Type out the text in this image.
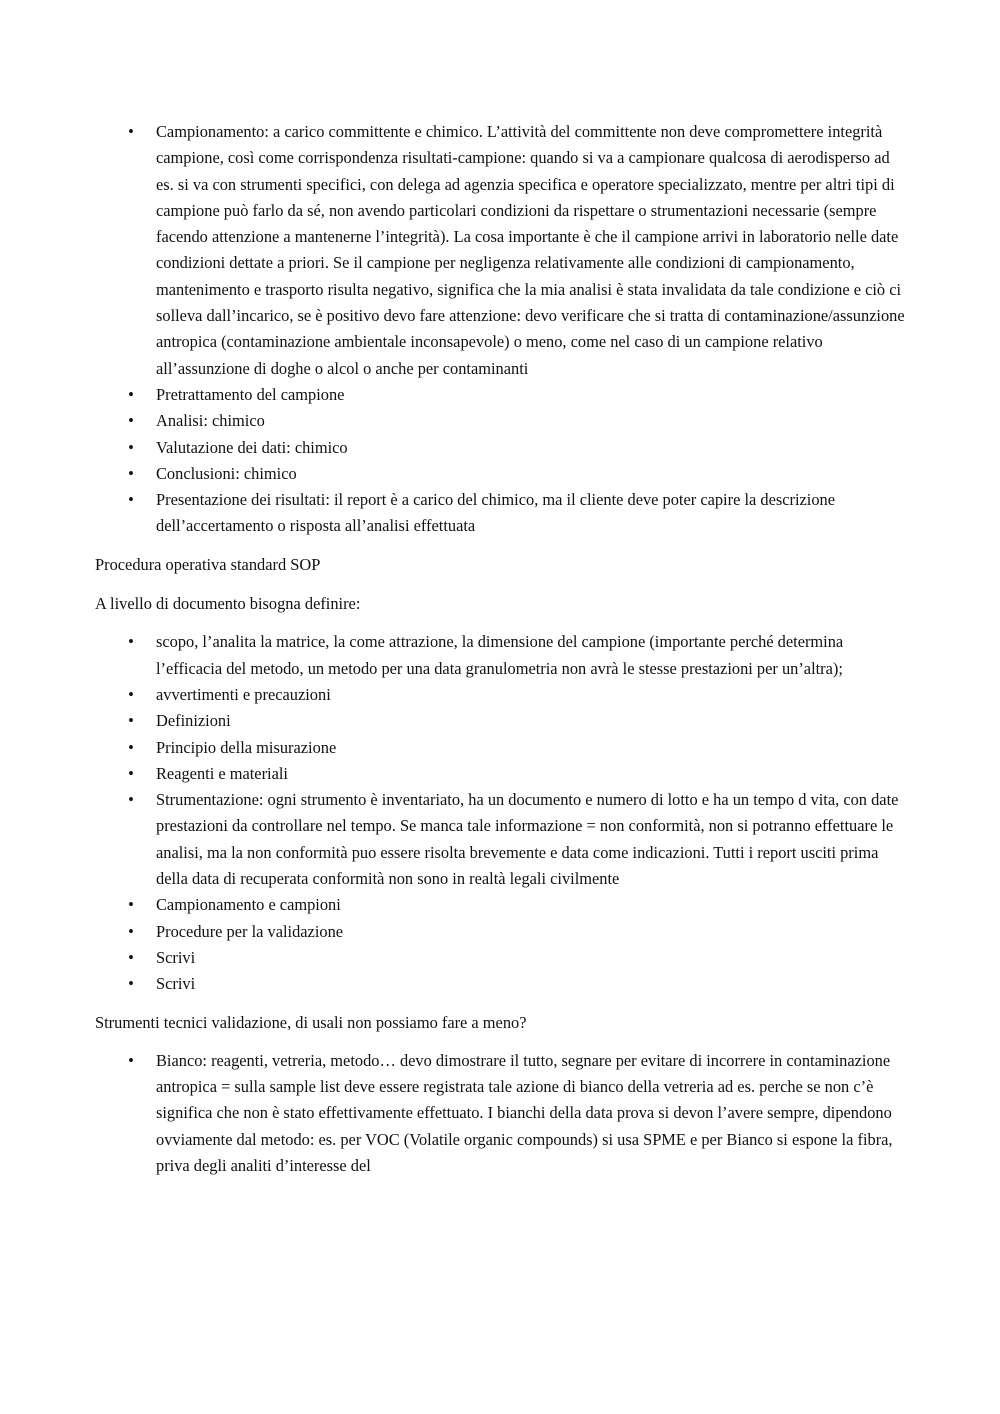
• Campionamento: a carico committente e chimico. L’attività del committente non deve compromettere integrità campione, così come corrispondenza risultati-campione: quando si va a campionare qualcosa di aerodisperso ad es. si va con strumenti specifici, con delega ad agenzia specifica e operatore specializzato, mentre per altri tipi di campione può farlo da sé, non avendo particolari condizioni da rispettare o strumentazioni necessarie (sempre facendo attenzione a mantenerne l’integrità). La cosa importante è che il campione arrivi in laboratorio nelle date condizioni dettate a priori. Se il campione per negligenza relativamente alle condizioni di campionamento, mantenimento e trasporto risulta negativo, significa che la mia analisi è stata invalidata da tale condizione e ciò ci solleva dall’incarico, se è positivo devo fare attenzione: devo verificare che si tratta di contaminazione/assunzione antropica (contaminazione ambientale inconsapevole) o meno, come nel caso di un campione relativo all’assunzione di doghe o alcol o anche per contaminanti
• Pretrattamento del campione
• Analisi: chimico
• Valutazione dei dati: chimico
• Conclusioni: chimico
• Presentazione dei risultati: il report è a carico del chimico, ma il cliente deve poter capire la descrizione dell’accertamento o risposta all’analisi effettuata

Procedura operativa standard SOP

A livello di documento bisogna definire:

• scopo, l’analita la matrice, la come attrazione, la dimensione del campione (importante perché determina l’efficacia del metodo, un metodo per una data granulometria non avrà le stesse prestazioni per un’altra);
• avvertimenti e precauzioni
• Definizioni
• Principio della misurazione
• Reagenti e materiali
• Strumentazione: ogni strumento è inventariato, ha un documento e numero di lotto e ha un tempo d vita, con date prestazioni da controllare nel tempo. Se manca tale informazione = non conformità, non si potranno effettuare le analisi, ma la non conformità puo essere risolta brevemente e data come indicazioni. Tutti i report usciti prima della data di recuperata conformità non sono in realtà legali civilmente
• Campionamento e campioni
• Procedure per la validazione
• Scrivi
• Scrivi

Strumenti tecnici validazione, di usali non possiamo fare a meno?

• Bianco: reagenti, vetreria, metodo… devo dimostrare il tutto, segnare per evitare di incorrere in contaminazione antropica = sulla sample list deve essere registrata tale azione di bianco della vetreria ad es. perche se non c’è significa che non è stato effettivamente effettuato. I bianchi della data prova si devon l’avere sempre, dipendono ovviamente dal metodo: es. per VOC (Volatile organic compounds) si usa SPME e per Bianco si espone la fibra, priva degli analiti d’interesse del
